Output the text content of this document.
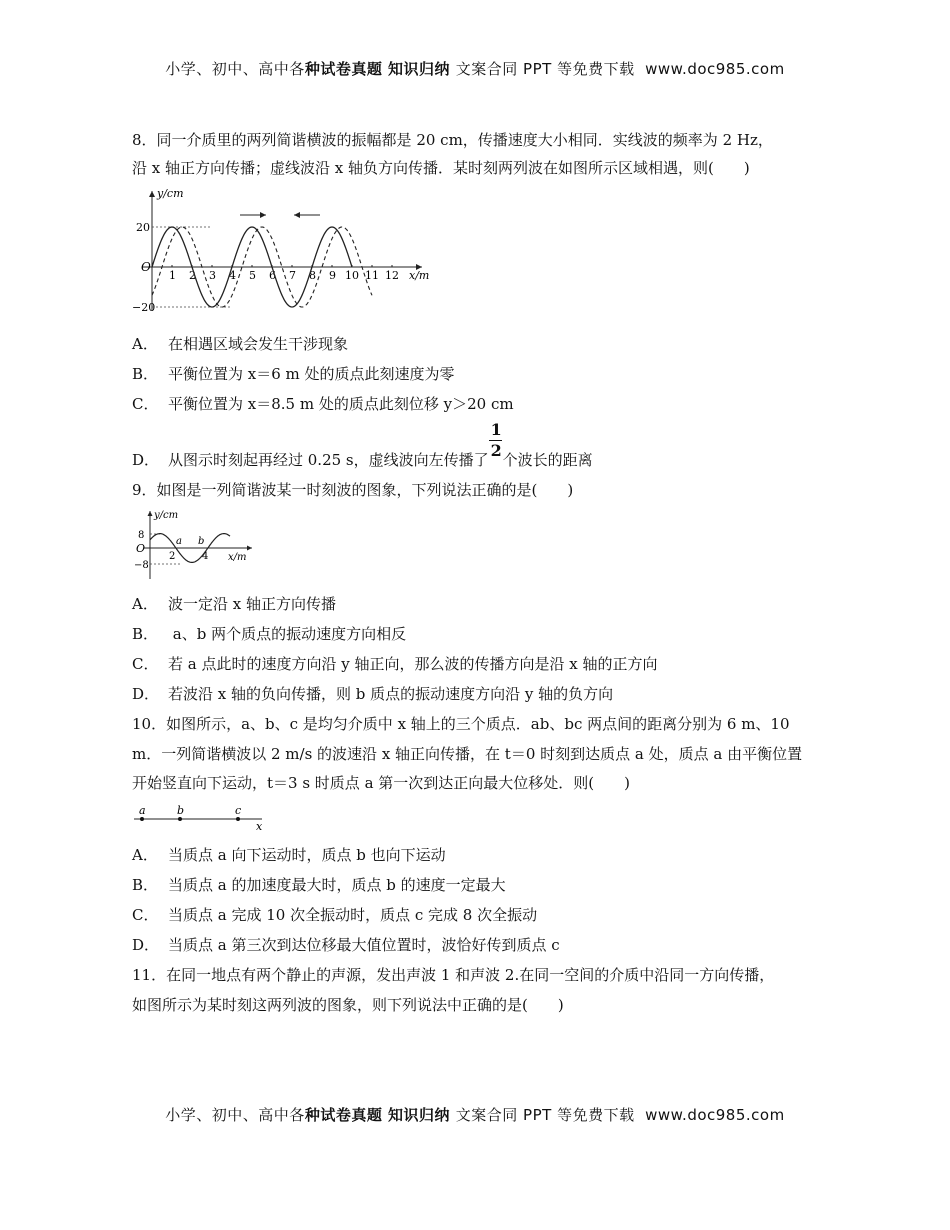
小学、初中、高中各种试卷真题 知识归纳 文案合同 PPT 等免费下载 www.doc985.com
8．同一介质里的两列简谐横波的振幅都是 20 cm，传播速度大小相同．实线波的频率为 2 Hz，
沿 x 轴正方向传播；虚线波沿 x 轴负方向传播．某时刻两列波在如图所示区域相遇，则(　　)
y/cm
x/m
O
20
−20
1 2 3 4 5 6 7 8 9 10 11 12
A． 在相遇区域会发生干涉现象
B． 平衡位置为 x＝6 m 处的质点此刻速度为零
C． 平衡位置为 x＝8.5 m 处的质点此刻位移 y＞20 cm
D． 从图示时刻起再经过 0.25 s，虚线波向左传播了 $\frac{1}{2}$ 个波长的距离
9．如图是一列简谐波某一时刻波的图象，下列说法正确的是(　　)
y/cm
x/m
O
8
−8
2	4
a b
A． 波一定沿 x 轴正方向传播
B． a、b 两个质点的振动速度方向相反
C． 若 a 点此时的速度方向沿 y 轴正向，那么波的传播方向是沿 x 轴的正方向
D． 若波沿 x 轴的负向传播，则 b 质点的振动速度方向沿 y 轴的负方向
10．如图所示，a、b、c 是均匀介质中 x 轴上的三个质点．ab、bc 两点间的距离分别为 6 m、10
m．一列简谐横波以 2 m/s 的波速沿 x 轴正向传播，在 t＝0 时刻到达质点 a 处，质点 a 由平衡位置
开始竖直向下运动，t＝3 s 时质点 a 第一次到达正向最大位移处．则(　　)
a	b	c
x
A． 当质点 a 向下运动时，质点 b 也向下运动
B． 当质点 a 的加速度最大时，质点 b 的速度一定最大
C． 当质点 a 完成 10 次全振动时，质点 c 完成 8 次全振动
D． 当质点 a 第三次到达位移最大值位置时，波恰好传到质点 c
11．在同一地点有两个静止的声源，发出声波 1 和声波 2.在同一空间的介质中沿同一方向传播，
如图所示为某时刻这两列波的图象，则下列说法中正确的是(　　)
小学、初中、高中各种试卷真题 知识归纳 文案合同 PPT 等免费下载 www.doc985.com
